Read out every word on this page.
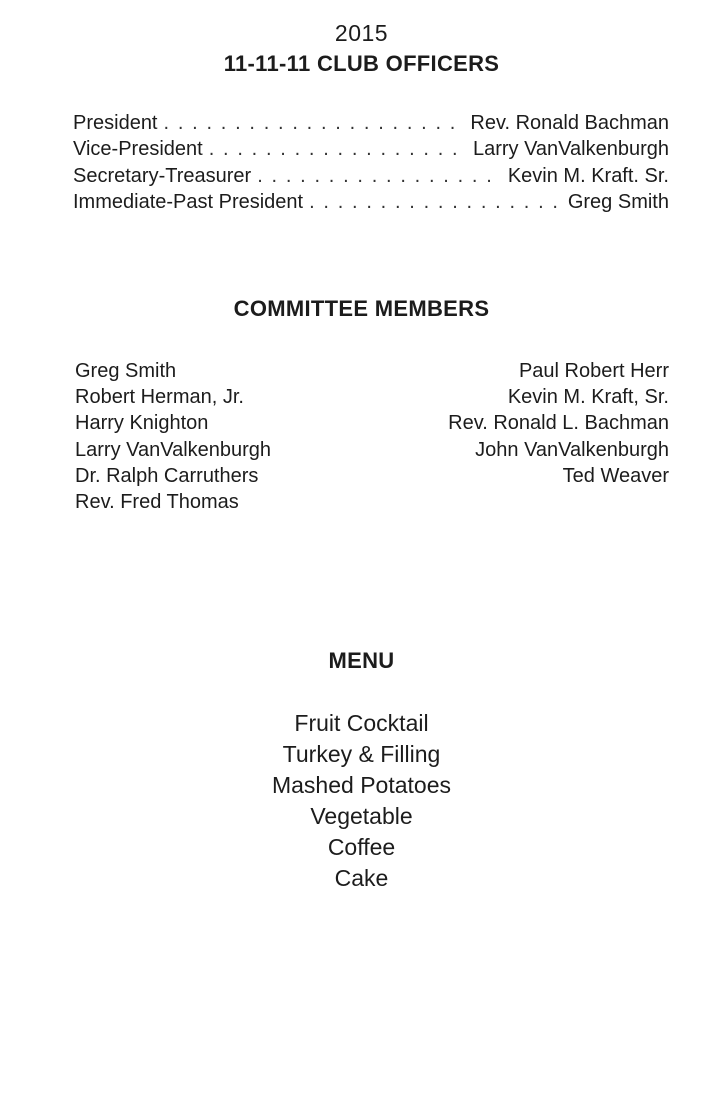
2015
11-11-11 CLUB OFFICERS
President . . .	Rev. Ronald Bachman
Vice-President . . .	Larry VanValkenburgh
Secretary-Treasurer . . .	Kevin M. Kraft. Sr.
Immediate-Past President . . .	Greg Smith
COMMITTEE MEMBERS
Greg Smith
Robert Herman, Jr.
Harry Knighton
Larry VanValkenburgh
Dr. Ralph Carruthers
Rev. Fred Thomas
Paul Robert Herr
Kevin M. Kraft, Sr.
Rev. Ronald L. Bachman
John VanValkenburgh
Ted Weaver
MENU
Fruit Cocktail
Turkey & Filling
Mashed Potatoes
Vegetable
Coffee
Cake
